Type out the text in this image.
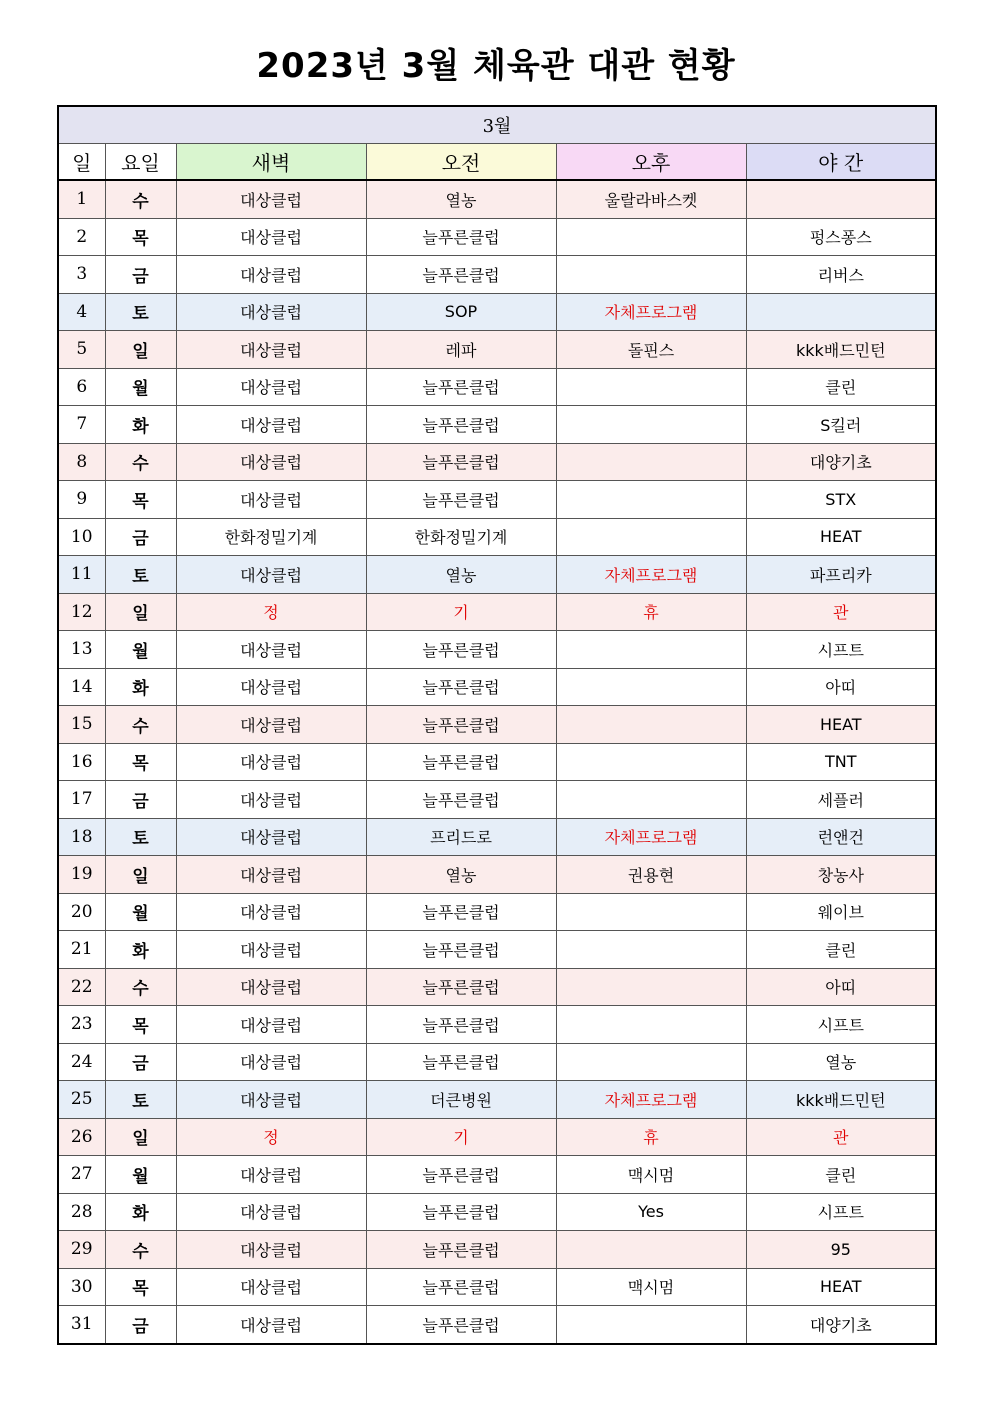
2023년 3월 체육관 대관 현황
3월					
일	요일	새벽	오전	오후	야 간
1	수	대상클럽	열농	울랄라바스켓	
2	목	대상클럽	늘푸른클럽		펑스퐁스
3	금	대상클럽	늘푸른클럽		리버스
4	토	대상클럽	SOP	자체프로그램	
5	일	대상클럽	레파	돌핀스	kkk배드민턴
6	월	대상클럽	늘푸른클럽		클린
7	화	대상클럽	늘푸른클럽		S킬러
8	수	대상클럽	늘푸른클럽		대양기초
9	목	대상클럽	늘푸른클럽		STX
10	금	한화정밀기계	한화정밀기계		HEAT
11	토	대상클럽	열농	자체프로그램	파프리카
12	일	정	기	휴	관
13	월	대상클럽	늘푸른클럽		시프트
14	화	대상클럽	늘푸른클럽		아띠
15	수	대상클럽	늘푸른클럽		HEAT
16	목	대상클럽	늘푸른클럽		TNT
17	금	대상클럽	늘푸른클럽		세플러
18	토	대상클럽	프리드로	자체프로그램	런앤건
19	일	대상클럽	열농	권용현	창농사
20	월	대상클럽	늘푸른클럽		웨이브
21	화	대상클럽	늘푸른클럽		클린
22	수	대상클럽	늘푸른클럽		아띠
23	목	대상클럽	늘푸른클럽		시프트
24	금	대상클럽	늘푸른클럽		열농
25	토	대상클럽	더큰병원	자체프로그램	kkk배드민턴
26	일	정	기	휴	관
27	월	대상클럽	늘푸른클럽	맥시멈	클린
28	화	대상클럽	늘푸른클럽	Yes	시프트
29	수	대상클럽	늘푸른클럽		95
30	목	대상클럽	늘푸른클럽	맥시멈	HEAT
31	금	대상클럽	늘푸른클럽		대양기초
